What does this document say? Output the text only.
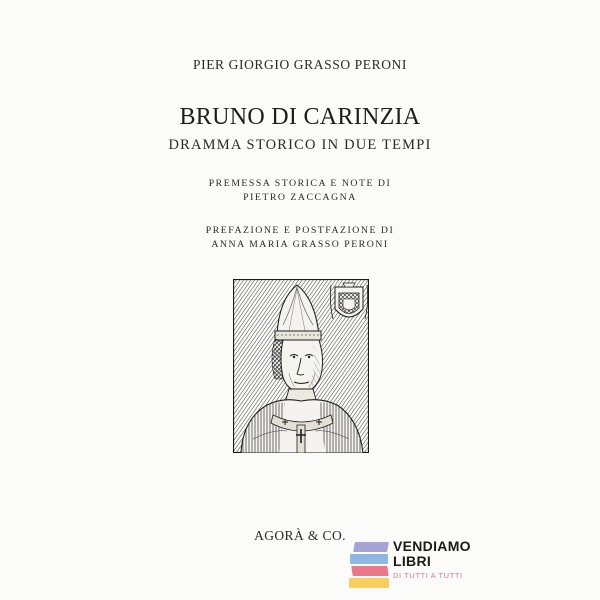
PIER GIORGIO GRASSO PERONI
BRUNO DI CARINZIA
DRAMMA STORICO IN DUE TEMPI
PREMESSA STORICA E NOTE DI
PIETRO ZACCAGNA
PREFAZIONE E POSTFAZIONE DI
ANNA MARIA GRASSO PERONI
AGORÀ & CO.
VENDIAMO
LIBRI
DI TUTTI A TUTTI
